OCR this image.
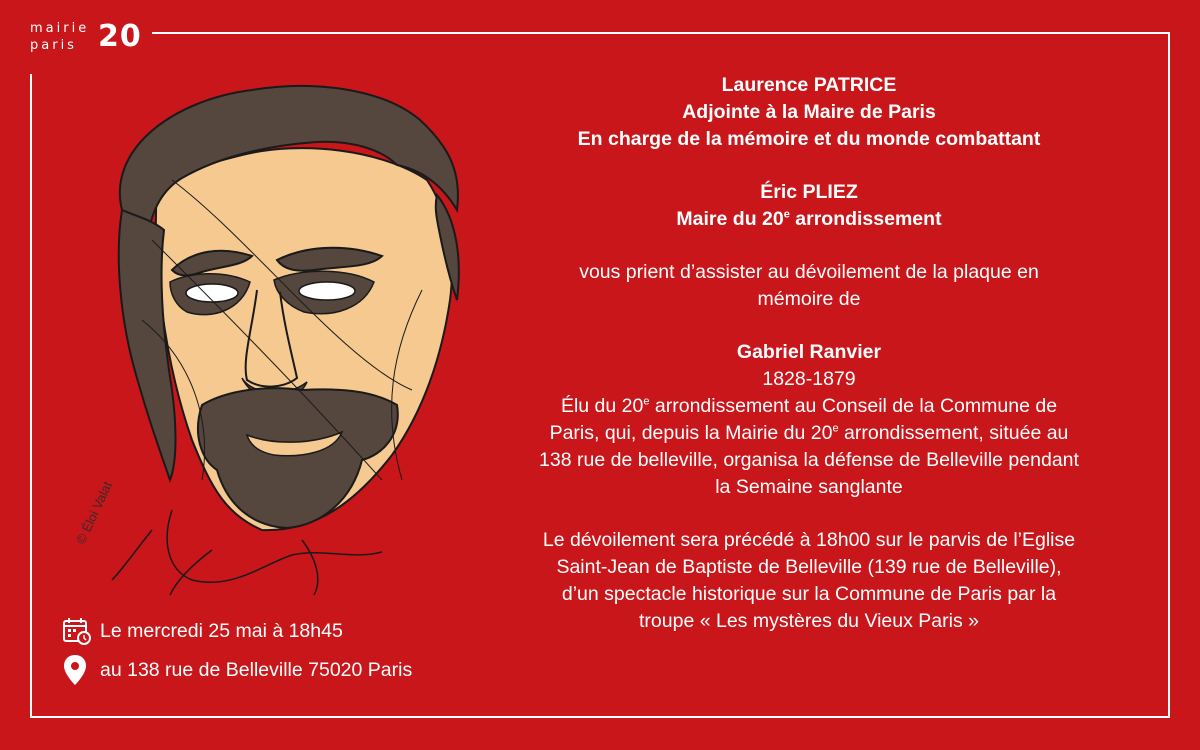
mairie
paris 20
© Éloi Valat
Laurence PATRICE
Adjointe à la Maire de Paris
En charge de la mémoire et du monde combattant
Éric PLIEZ
Maire du 20e arrondissement
vous prient d’assister au dévoilement de la plaque en
mémoire de
Gabriel Ranvier
1828-1879
Élu du 20e arrondissement au Conseil de la Commune de
Paris, qui, depuis la Mairie du 20e arrondissement, située au
138 rue de belleville, organisa la défense de Belleville pendant
la Semaine sanglante
Le dévoilement sera précédé à 18h00 sur le parvis de l’Eglise
Saint-Jean de Baptiste de Belleville (139 rue de Belleville),
d’un spectacle historique sur la Commune de Paris par la
troupe « Les mystères du Vieux Paris »
Le mercredi 25 mai à 18h45
au 138 rue de Belleville 75020 Paris
